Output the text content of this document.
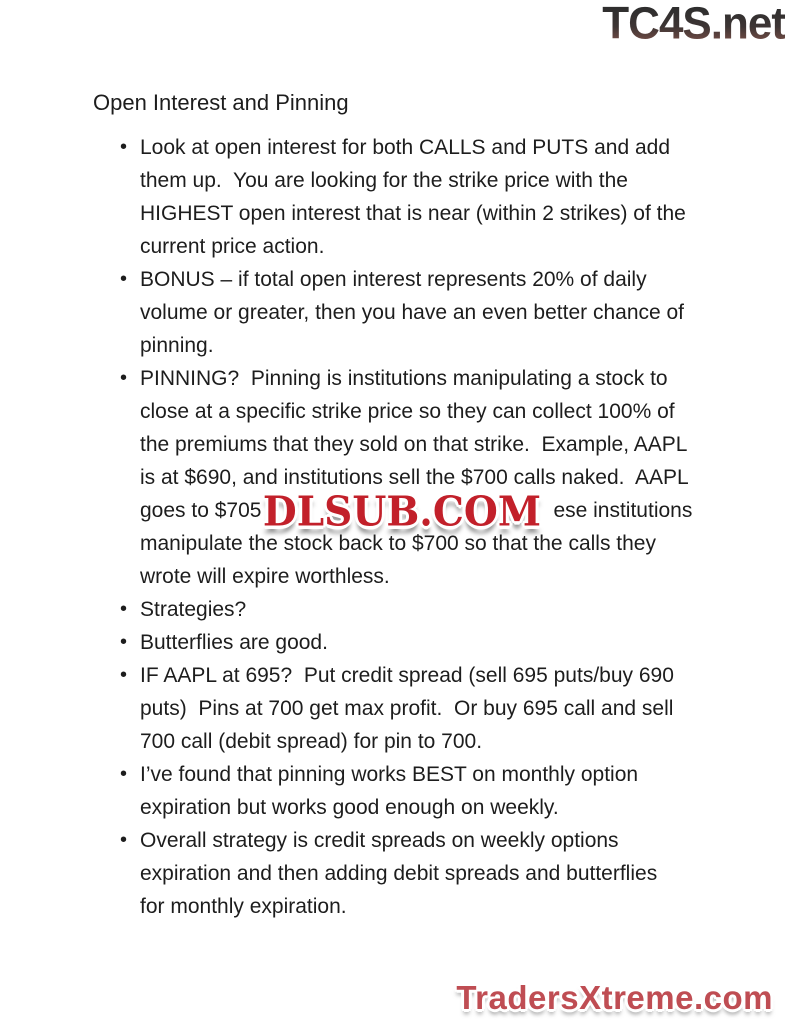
TC4S.net
Open Interest and Pinning
• Look at open interest for both CALLS and PUTS and add
them up.  You are looking for the strike price with the
HIGHEST open interest that is near (within 2 strikes) of the
current price action.
• BONUS – if total open interest represents 20% of daily
volume or greater, then you have an even better chance of
pinning.
• PINNING?  Pinning is institutions manipulating a stock to
close at a specific strike price so they can collect 100% of
the premiums that they sold on that strike.  Example, AAPL
is at $690, and institutions sell the $700 calls naked.  AAPL
goes to $705	ese institutions
manipulate the stock back to $700 so that the calls they
wrote will expire worthless.
• Strategies?
• Butterflies are good.
• IF AAPL at 695?  Put credit spread (sell 695 puts/buy 690
puts)  Pins at 700 get max profit.  Or buy 695 call and sell
700 call (debit spread) for pin to 700.
• I’ve found that pinning works BEST on monthly option
expiration but works good enough on weekly.
• Overall strategy is credit spreads on weekly options
expiration and then adding debit spreads and butterflies
for monthly expiration.
DLSUB.COM
TradersXtreme.com
